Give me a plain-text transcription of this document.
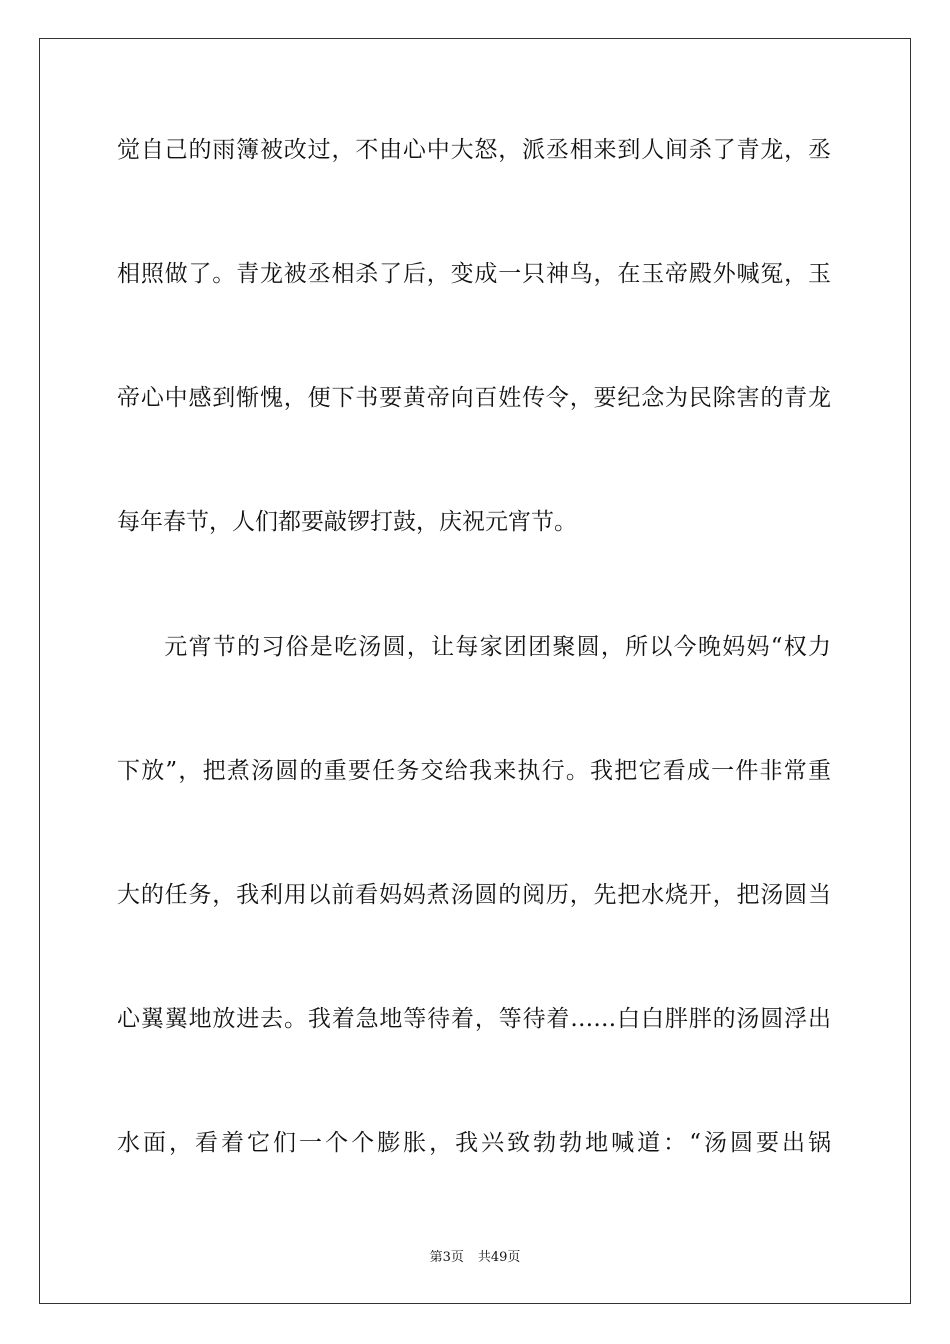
觉自己的雨簿被改过，不由心中大怒，派丞相来到人间杀了青龙，丞
相照做了。青龙被丞相杀了后，变成一只神鸟，在玉帝殿外喊冤，玉
帝心中感到惭愧，便下书要黄帝向百姓传令，要纪念为民除害的青龙
每年春节，人们都要敲锣打鼓，庆祝元宵节。
元宵节的习俗是吃汤圆，让每家团团聚圆，所以今晚妈妈“权力
下放”，把煮汤圆的重要任务交给我来执行。我把它看成一件非常重
大的任务，我利用以前看妈妈煮汤圆的阅历，先把水烧开，把汤圆当
心翼翼地放进去。我着急地等待着，等待着……白白胖胖的汤圆浮出
水面，看着它们一个个膨胀，我兴致勃勃地喊道：“汤圆要出锅
第3页 共49页
